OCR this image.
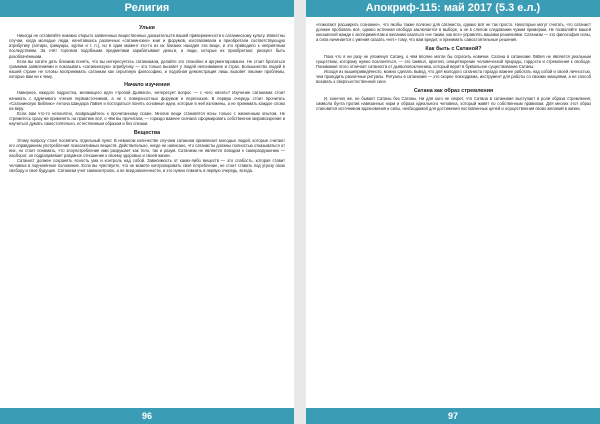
Религия
Ульки

Никогда не оставляйте никаких открыто заявленных вещественных доказательств вашей приверженности к сатанинскому культу. Известны случаи, когда молодые люди, начитавшись различных «сатанинских» книг и форумов, изготавливали и приобретали соответствующую атрибутику (алтари, гримуары, куртки и т. п.), но в один момент кто-то из их близких находил эти вещи, и это приводило к неприятным последствиям. За счёт торговли подобными предметами зарабатывают деньги, а люди, которые их приобретают, рискуют быть разоблачёнными.

Если вы хотите дать близким понять, что вы интересуетесь сатанизмом, делайте это спокойно и аргументированно. Не стоит бросаться громкими заявлениями и показывать «сатанинскую» атрибутику — это только вызовет у людей непонимание и страх. Большинство людей в нашей стране не готовы воспринимать сатанизм как серьёзную философию, и подобная демонстрация лишь вызовет лишние проблемы, которые вам ни к чему.

Начало изучения

Наверное, каждого подростка, желающего идти «тропой Дьявола», интересует вопрос — с чего начать? Изучение сатанизма стоит начинать с вдумчивого чтения первоисточников, а не с поверхностных форумов и пересказов. В первую очередь стоит прочитать «Сатанинскую Библию» Антона Шандора ЛаВея и постараться понять основные идеи, которые в ней изложены, а не принимать каждое слово на веру.

Если вам что-то непонятно, возвращайтесь к прочитанному позже. Многие вещи становятся ясны только с жизненным опытом. Не стремитесь сразу же применять на практике всё, о чём вы прочитали, — гораздо важнее сначала сформировать собственное мировоззрение и научиться думать самостоятельно, естественным образом и без спешки.

Вещества

Этому вопросу стоит посвятить отдельный пункт. В немалом количестве случаев сатанизм привлекает молодых людей, которые считают его оправданием употребления психоактивных веществ. Действительно, нигде не написано, что сатанисты должны полностью отказываться от них, но стоит понимать, что злоупотребление ими разрушает как тело, так и разум. Сатанизм не является поводом к саморазрушению — наоборот, он подразумевает разумное отношение к своему здоровью и своей жизни.

Сатанист должен сохранять ясность ума и контроль над собой. Зависимость от каких-либо веществ — это слабость, которая ставит человека в подчинённое положение. Если вы чувствуете, что не можете контролировать своё потребление, не стоит ставить под угрозу свою свободу и своё будущее. Сатанизм учит самоконтролю, а не вседозволенности, и это нужно помнить в первую очередь, всегда.

96
Апокриф-115: май 2017 (5.3 е.л.)

«помогают расширить сознание», что якобы также полезно для сатаниста, однако всё не так просто. Некоторые могут считать, что сатанист должен пробовать всё, однако истинная свобода заключается в выборе, а не в слепом следовании чужим примерам. Не позволяйте вашей юношеской жажде к экспериментам и желанию казаться «не таким, как все» управлять вашими решениями. Сатанизм — это философия силы, а сила начинается с умения сказать «нет» тому, что вам вредит, и принимать самостоятельные решения.

Как быть с Сатаной?

Пока что я ни разу не упомянул Сатану, о чём вполне могли бы спросить новички. Сатана в сатанизме ЛаВея не является реальным существом, которому нужно поклоняться, — это символ, архетип, олицетворение человеческой природы, гордости и стремления к свободе. Понимание этого отличает сатаниста от дьяволопоклонника, который верит в буквальное существование Сатаны.

Исходя из вышеприведённого, можно сделать вывод, что для молодого сатаниста гораздо важнее работать над собой и своей личностью, чем проводить различные ритуалы. Ритуалы в сатанизме — это скорее психодрама, инструмент для работы со своими эмоциями, а не способ воззвать к сверхъестественной силе.

Сатана как образ стремления

И, конечно же, не бывает Сатаны без Сатаны. Ни для кого не секрет, что Сатана в сатанизме выступает в роли образа стремления, символа бунта против навязанных норм и образа идеального человека, который живёт по собственным правилам. Для многих этот образ становится источником вдохновения и силы, необходимой для достижения поставленных целей и осуществления своих желаний в жизни.

97
